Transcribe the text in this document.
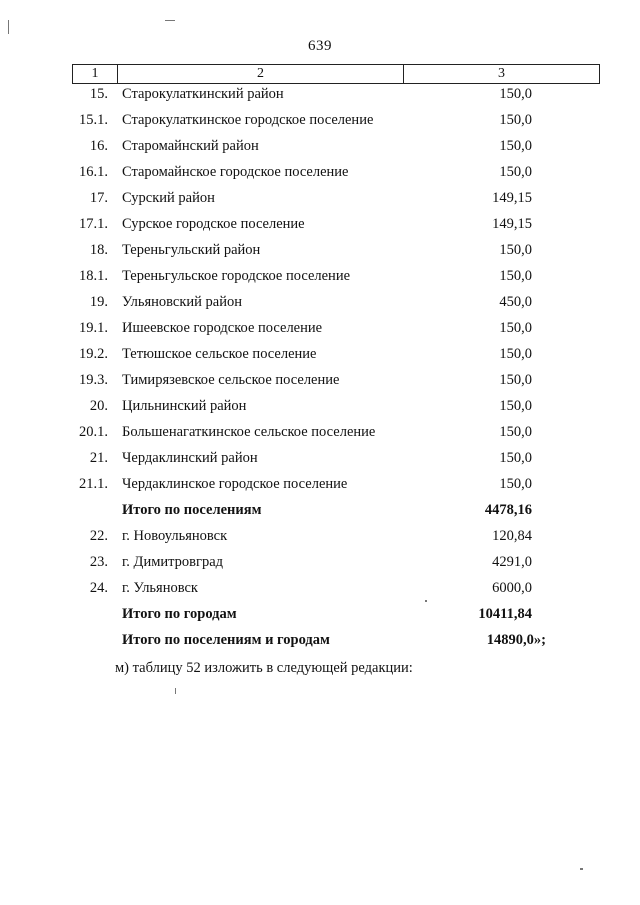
639
1	2	3
15. Старокулаткинский район	150,0
15.1. Старокулаткинское городское поселение	150,0
16. Старомайнский район	150,0
16.1. Старомайнское городское поселение	150,0
17. Сурский район	149,15
17.1. Сурское городское поселение	149,15
18. Тереньгульский район	150,0
18.1. Тереньгульское городское поселение	150,0
19. Ульяновский район	450,0
19.1. Ишеевское городское поселение	150,0
19.2. Тетюшское сельское поселение	150,0
19.3. Тимирязевское сельское поселение	150,0
20. Цильнинский район	150,0
20.1. Большенагаткинское сельское поселение	150,0
21. Чердаклинский район	150,0
21.1. Чердаклинское городское поселение	150,0
Итого по поселениям	4478,16
22. г. Новоульяновск	120,84
23. г. Димитровград	4291,0
24. г. Ульяновск	6000,0
Итого по городам	10411,84
Итого по поселениям и городам	14890,0»;
м) таблицу 52 изложить в следующей редакции:
